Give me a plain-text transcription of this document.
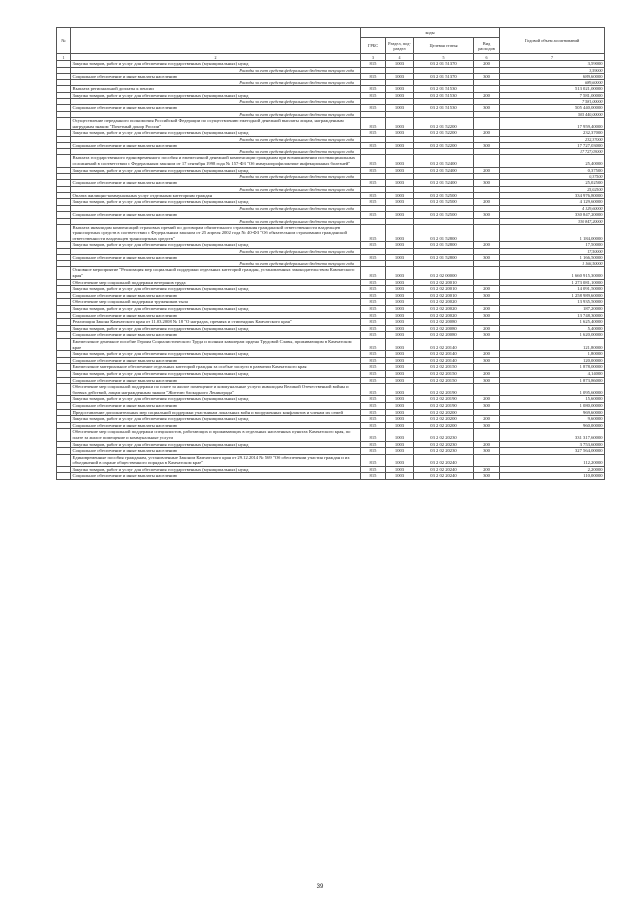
№		коды				Годовой объем ассигнований
		ГРБС	Раздел, под-раздел	Целевая статья	Вид расходов	
1	2	3	4	5	6	7
	Закупка товаров, работ и услуг для обеспечения государственных (муниципальных) нужд	815	1003	03 2 01 51370	200	3,59000
	Расходы за счет средств федерального бюджета текущего года					3,59000
	Социальное обеспечение и иные выплаты населению	815	1003	03 2 01 51370	300	689,60000
	Расходы за счет средств федерального бюджета текущего года					689,60000
	Выплата региональной доплаты к пенсии	815	1003	03 2 01 51530		513 021,00000
	Закупка товаров, работ и услуг для обеспечения государственных (муниципальных) нужд	815	1003	03 2 01 51530	200	7 581,00000
	Расходы за счет средств федерального бюджета текущего года					7 581,00000
	Социальное обеспечение и иные выплаты населению	815	1003	03 2 01 51530	300	505 440,00000
	Расходы за счет средств федерального бюджета текущего года					505 440,00000
	Осуществление переданного полномочия Российской Федерации по осуществлению ежегодной денежной выплаты лицам, награжденным нагрудным знаком "Почетный донор России"	815	1003	03 2 01 52200		17 959,40000
	Закупка товаров, работ и услуг для обеспечения государственных (муниципальных) нужд	815	1003	03 2 01 52200	200	232,37000
	Расходы за счет средств федерального бюджета текущего года					232,37000
	Социальное обеспечение и иные выплаты населению	815	1003	03 2 01 52200	300	17 727,03000
	Расходы за счет средств федерального бюджета текущего года					17 727,03000
	Выплата государственного единовременного пособия и ежемесячной денежной компенсации гражданам при возникновении поствакцинальных осложнений в соответствии с Федеральным законом от 17 сентября 1998 года № 157-ФЗ "Об иммунопрофилактике инфекционных болезней"	815	1003	03 2 01 52400		25,40000
	Закупка товаров, работ и услуг для обеспечения государственных (муниципальных) нужд	815	1003	03 2 01 52400	200	0,37500
	Расходы за счет средств федерального бюджета текущего года					0,37500
	Социальное обеспечение и иные выплаты населению	815	1003	03 2 01 52400	300	25,02500
	Расходы за счет средств федерального бюджета текущего года					25,02500
	Оплата жилищно-коммунальных услуг отдельным категориям граждан	815	1003	03 2 01 52500		334 976,80000
	Закупка товаров, работ и услуг для обеспечения государственных (муниципальных) нужд	815	1003	03 2 01 52500	200	4 129,60000
	Расходы за счет средств федерального бюджета текущего года					4 129,60000
	Социальное обеспечение и иные выплаты населению	815	1003	03 2 01 52500	300	330 847,20000
	Расходы за счет средств федерального бюджета текущего года					330 847,20000
	Выплата инвалидам компенсаций страховых премий по договорам обязательного страхования гражданской ответственности владельцев транспортных средств в соответствии с Федеральным законом от 25 апреля 2002 года № 40-ФЗ "Об обязательном страховании гражданской ответственности владельцев транспортных средств"	815	1003	03 2 01 52800		1 184,00000
	Закупка товаров, работ и услуг для обеспечения государственных (муниципальных) нужд	815	1003	03 2 01 52800	200	17,50000
	Расходы за счет средств федерального бюджета текущего года					17,50000
	Социальное обеспечение и иные выплаты населению	815	1003	03 2 01 52800	300	1 166,50000
	Расходы за счет средств федерального бюджета текущего года					1 166,50000
	Основное мероприятие "Реализация мер социальной поддержки отдельных категорий граждан, установленных законодательством Камчатского края"	815	1003	03 2 02 00000		1 660 915,30000
	Обеспечение мер социальной поддержки ветеранов труда	815	1003	03 2 02 20010		1 273 081,10000
	Закупка товаров, работ и услуг для обеспечения государственных (муниципальных) нужд	815	1003	03 2 02 20010	200	14 091,50000
	Социальное обеспечение и иные выплаты населению	815	1003	03 2 02 20010	300	1 258 989,60000
	Обеспечение мер социальной поддержки тружеников тыла	815	1003	03 2 02 20020		13 935,50000
	Закупка товаров, работ и услуг для обеспечения государственных (муниципальных) нужд	815	1003	03 2 02 20020	200	187,20000
	Социальное обеспечение и иные выплаты населению	815	1003	03 2 02 20020	300	13 748,30000
	Реализация Закона Камчатского края от 11.03.2008 № 18 "О наградах, премиях и стипендиях Камчатского края"	815	1003	03 2 02 20080		1 625,40000
	Закупка товаров, работ и услуг для обеспечения государственных (муниципальных) нужд	815	1003	03 2 02 20080	200	5,40000
	Социальное обеспечение и иные выплаты населению	815	1003	03 2 02 20080	300	1 620,00000
	Ежемесячное денежное пособие Героям Социалистического Труда и полным кавалерам ордена Трудовой Славы, проживающим в Камчатском крае	815	1003	03 2 02 20140		121,80000
	Закупка товаров, работ и услуг для обеспечения государственных (муниципальных) нужд	815	1003	03 2 02 20140	200	1,80000
	Социальное обеспечение и иные выплаты населению	815	1003	03 2 02 20140	300	120,00000
	Ежемесячное материальное обеспечение отдельных категорий граждан за особые заслуги в развитии Камчатского края	815	1003	03 2 02 20150		1 878,00000
	Закупка товаров, работ и услуг для обеспечения государственных (муниципальных) нужд	815	1003	03 2 02 20150	200	4,14000
	Социальное обеспечение и иные выплаты населению	815	1003	03 2 02 20150	300	1 873,86000
	Обеспечение мер социальной поддержки по плате за жилое помещение и коммунальные услуги инвалидам Великой Отечественной войны и боевых действий, лицам награжденным знаком "Жителю блокадного Ленинграда"	815	1003	03 2 02 20190		1 095,60000
	Закупка товаров, работ и услуг для обеспечения государственных (муниципальных) нужд	815	1003	03 2 02 20190	200	15,60000
	Социальное обеспечение и иные выплаты населению	815	1003	03 2 02 20190	300	1 080,00000
	Предоставление дополнительных мер социальной поддержки участникам локальных войн и вооруженных конфликтов и членам их семей	815	1003	03 2 02 20200		969,60000
	Закупка товаров, работ и услуг для обеспечения государственных (муниципальных) нужд	815	1003	03 2 02 20200	200	9,60000
	Социальное обеспечение и иные выплаты населению	815	1003	03 2 02 20200	300	960,00000
	Обеспечение мер социальной поддержки специалистов, работающих и проживающих в отдельных населенных пунктах Камчатского края, по плате за жилое помещение и коммунальные услуги	815	1003	03 2 02 20230		331 317,60000
	Закупка товаров, работ и услуг для обеспечения государственных (муниципальных) нужд	815	1003	03 2 02 20230	200	3 753,60000
	Социальное обеспечение и иные выплаты населению	815	1003	03 2 02 20230	300	327 564,00000
	Единовременные пособия гражданам, установленные Законом Камчатского края от 29.12.2014 № 569 "Об обеспечении участия граждан и их объединений в охране общественного порядка в Камчатском крае"	815	1003	03 2 02 20240		112,20000
	Закупка товаров, работ и услуг для обеспечения государственных (муниципальных) нужд	815	1003	03 2 02 20240	200	2,20000
	Социальное обеспечение и иные выплаты населению	815	1003	03 2 02 20240	300	110,00000
39
